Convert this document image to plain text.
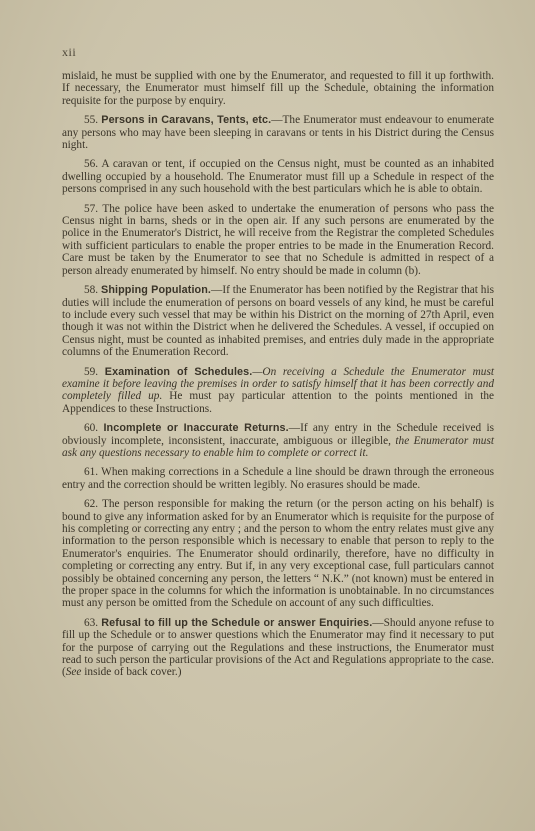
xii

mislaid, he must be supplied with one by the Enumerator, and requested to fill it up forthwith. If necessary, the Enumerator must himself fill up the Schedule, obtaining the information requisite for the purpose by enquiry.

55. Persons in Caravans, Tents, etc.—The Enumerator must endeavour to enumerate any persons who may have been sleeping in caravans or tents in his District during the Census night.

56. A caravan or tent, if occupied on the Census night, must be counted as an inhabited dwelling occupied by a household. The Enumerator must fill up a Schedule in respect of the persons comprised in any such household with the best particulars which he is able to obtain.

57. The police have been asked to undertake the enumeration of persons who pass the Census night in barns, sheds or in the open air. If any such persons are enumerated by the police in the Enumerator's District, he will receive from the Registrar the completed Schedules with sufficient particulars to enable the proper entries to be made in the Enumeration Record. Care must be taken by the Enumerator to see that no Schedule is admitted in respect of a person already enumerated by himself. No entry should be made in column (b).

58. Shipping Population.—If the Enumerator has been notified by the Registrar that his duties will include the enumeration of persons on board vessels of any kind, he must be careful to include every such vessel that may be within his District on the morning of 27th April, even though it was not within the District when he delivered the Schedules. A vessel, if occupied on Census night, must be counted as inhabited premises, and entries duly made in the appropriate columns of the Enumeration Record.

59. Examination of Schedules.—On receiving a Schedule the Enumerator must examine it before leaving the premises in order to satisfy himself that it has been correctly and completely filled up. He must pay particular attention to the points mentioned in the Appendices to these Instructions.

60. Incomplete or Inaccurate Returns.—If any entry in the Schedule received is obviously incomplete, inconsistent, inaccurate, ambiguous or illegible, the Enumerator must ask any questions necessary to enable him to complete or correct it.

61. When making corrections in a Schedule a line should be drawn through the erroneous entry and the correction should be written legibly. No erasures should be made.

62. The person responsible for making the return (or the person acting on his behalf) is bound to give any information asked for by an Enumerator which is requisite for the purpose of his completing or correcting any entry ; and the person to whom the entry relates must give any information to the person responsible which is necessary to enable that person to reply to the Enumerator's enquiries. The Enumerator should ordinarily, therefore, have no difficulty in completing or correcting any entry. But if, in any very exceptional case, full particulars cannot possibly be obtained concerning any person, the letters “ N.K.” (not known) must be entered in the proper space in the columns for which the information is unobtainable. In no circumstances must any person be omitted from the Schedule on account of any such difficulties.

63. Refusal to fill up the Schedule or answer Enquiries.—Should anyone refuse to fill up the Schedule or to answer questions which the Enumerator may find it necessary to put for the purpose of carrying out the Regulations and these instructions, the Enumerator must read to such person the particular provisions of the Act and Regulations appropriate to the case. (See inside of back cover.)
